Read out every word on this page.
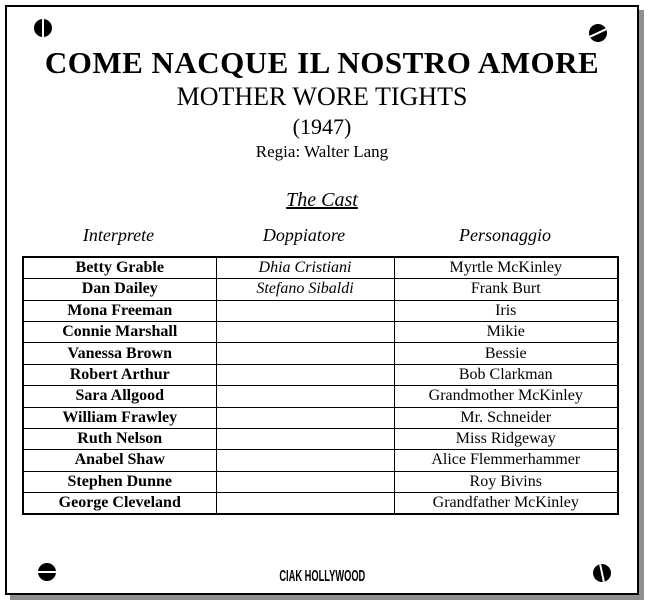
COME NACQUE IL NOSTRO AMORE
MOTHER WORE TIGHTS
(1947)
Regia: Walter Lang
The Cast
Interprete	Doppiatore	Personaggio
Betty Grable	Dhia Cristiani	Myrtle McKinley
Dan Dailey	Stefano Sibaldi	Frank Burt
Mona Freeman		Iris
Connie Marshall		Mikie
Vanessa Brown		Bessie
Robert Arthur		Bob Clarkman
Sara Allgood		Grandmother McKinley
William Frawley		Mr. Schneider
Ruth Nelson		Miss Ridgeway
Anabel Shaw		Alice Flemmerhammer
Stephen Dunne		Roy Bivins
George Cleveland		Grandfather McKinley
CIAK HOLLYWOOD
